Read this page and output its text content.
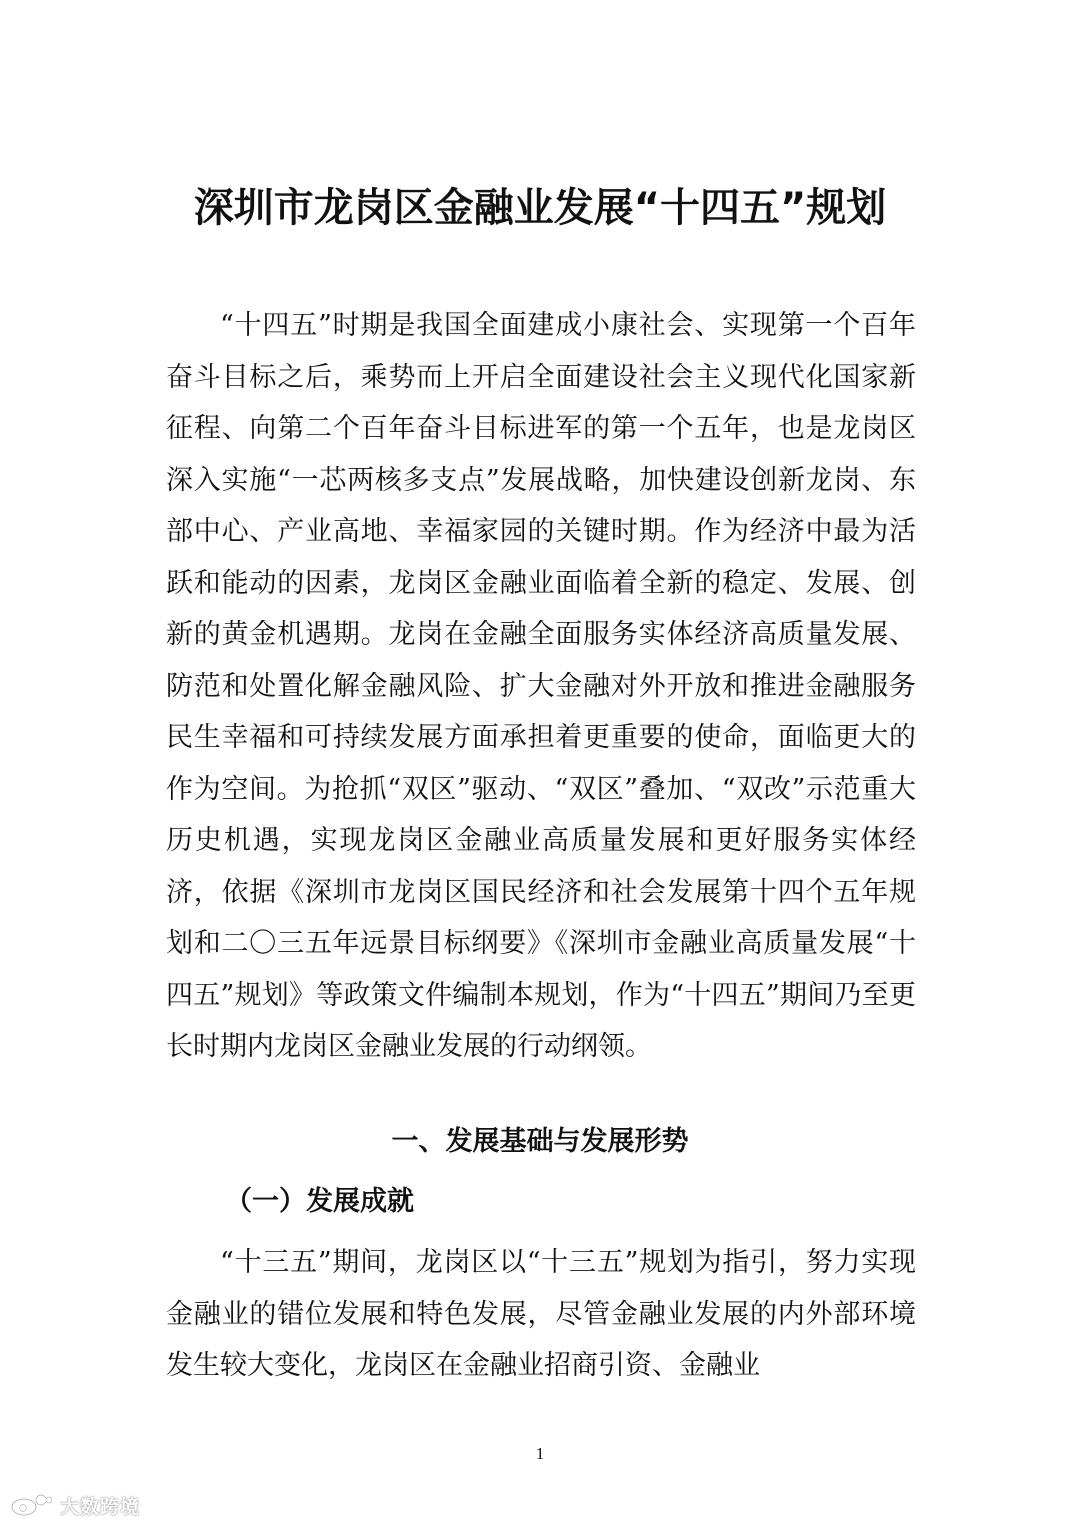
深圳市龙岗区金融业发展“十四五”规划

“十四五”时期是我国全面建成小康社会、实现第一个百年奋斗目标之后，乘势而上开启全面建设社会主义现代化国家新征程、向第二个百年奋斗目标进军的第一个五年，也是龙岗区深入实施“一芯两核多支点”发展战略，加快建设创新龙岗、东部中心、产业高地、幸福家园的关键时期。作为经济中最为活跃和能动的因素，龙岗区金融业面临着全新的稳定、发展、创新的黄金机遇期。龙岗在金融全面服务实体经济高质量发展、防范和处置化解金融风险、扩大金融对外开放和推进金融服务民生幸福和可持续发展方面承担着更重要的使命，面临更大的作为空间。为抢抓“双区”驱动、“双区”叠加、“双改”示范重大历史机遇，实现龙岗区金融业高质量发展和更好服务实体经济，依据《深圳市龙岗区国民经济和社会发展第十四个五年规划和二〇三五年远景目标纲要》《深圳市金融业高质量发展“十四五”规划》等政策文件编制本规划，作为“十四五”期间乃至更长时期内龙岗区金融业发展的行动纲领。

一、发展基础与发展形势
（一）发展成就

“十三五”期间，龙岗区以“十三五”规划为指引，努力实现金融业的错位发展和特色发展，尽管金融业发展的内外部环境发生较大变化，龙岗区在金融业招商引资、金融业

1
大数跨境
